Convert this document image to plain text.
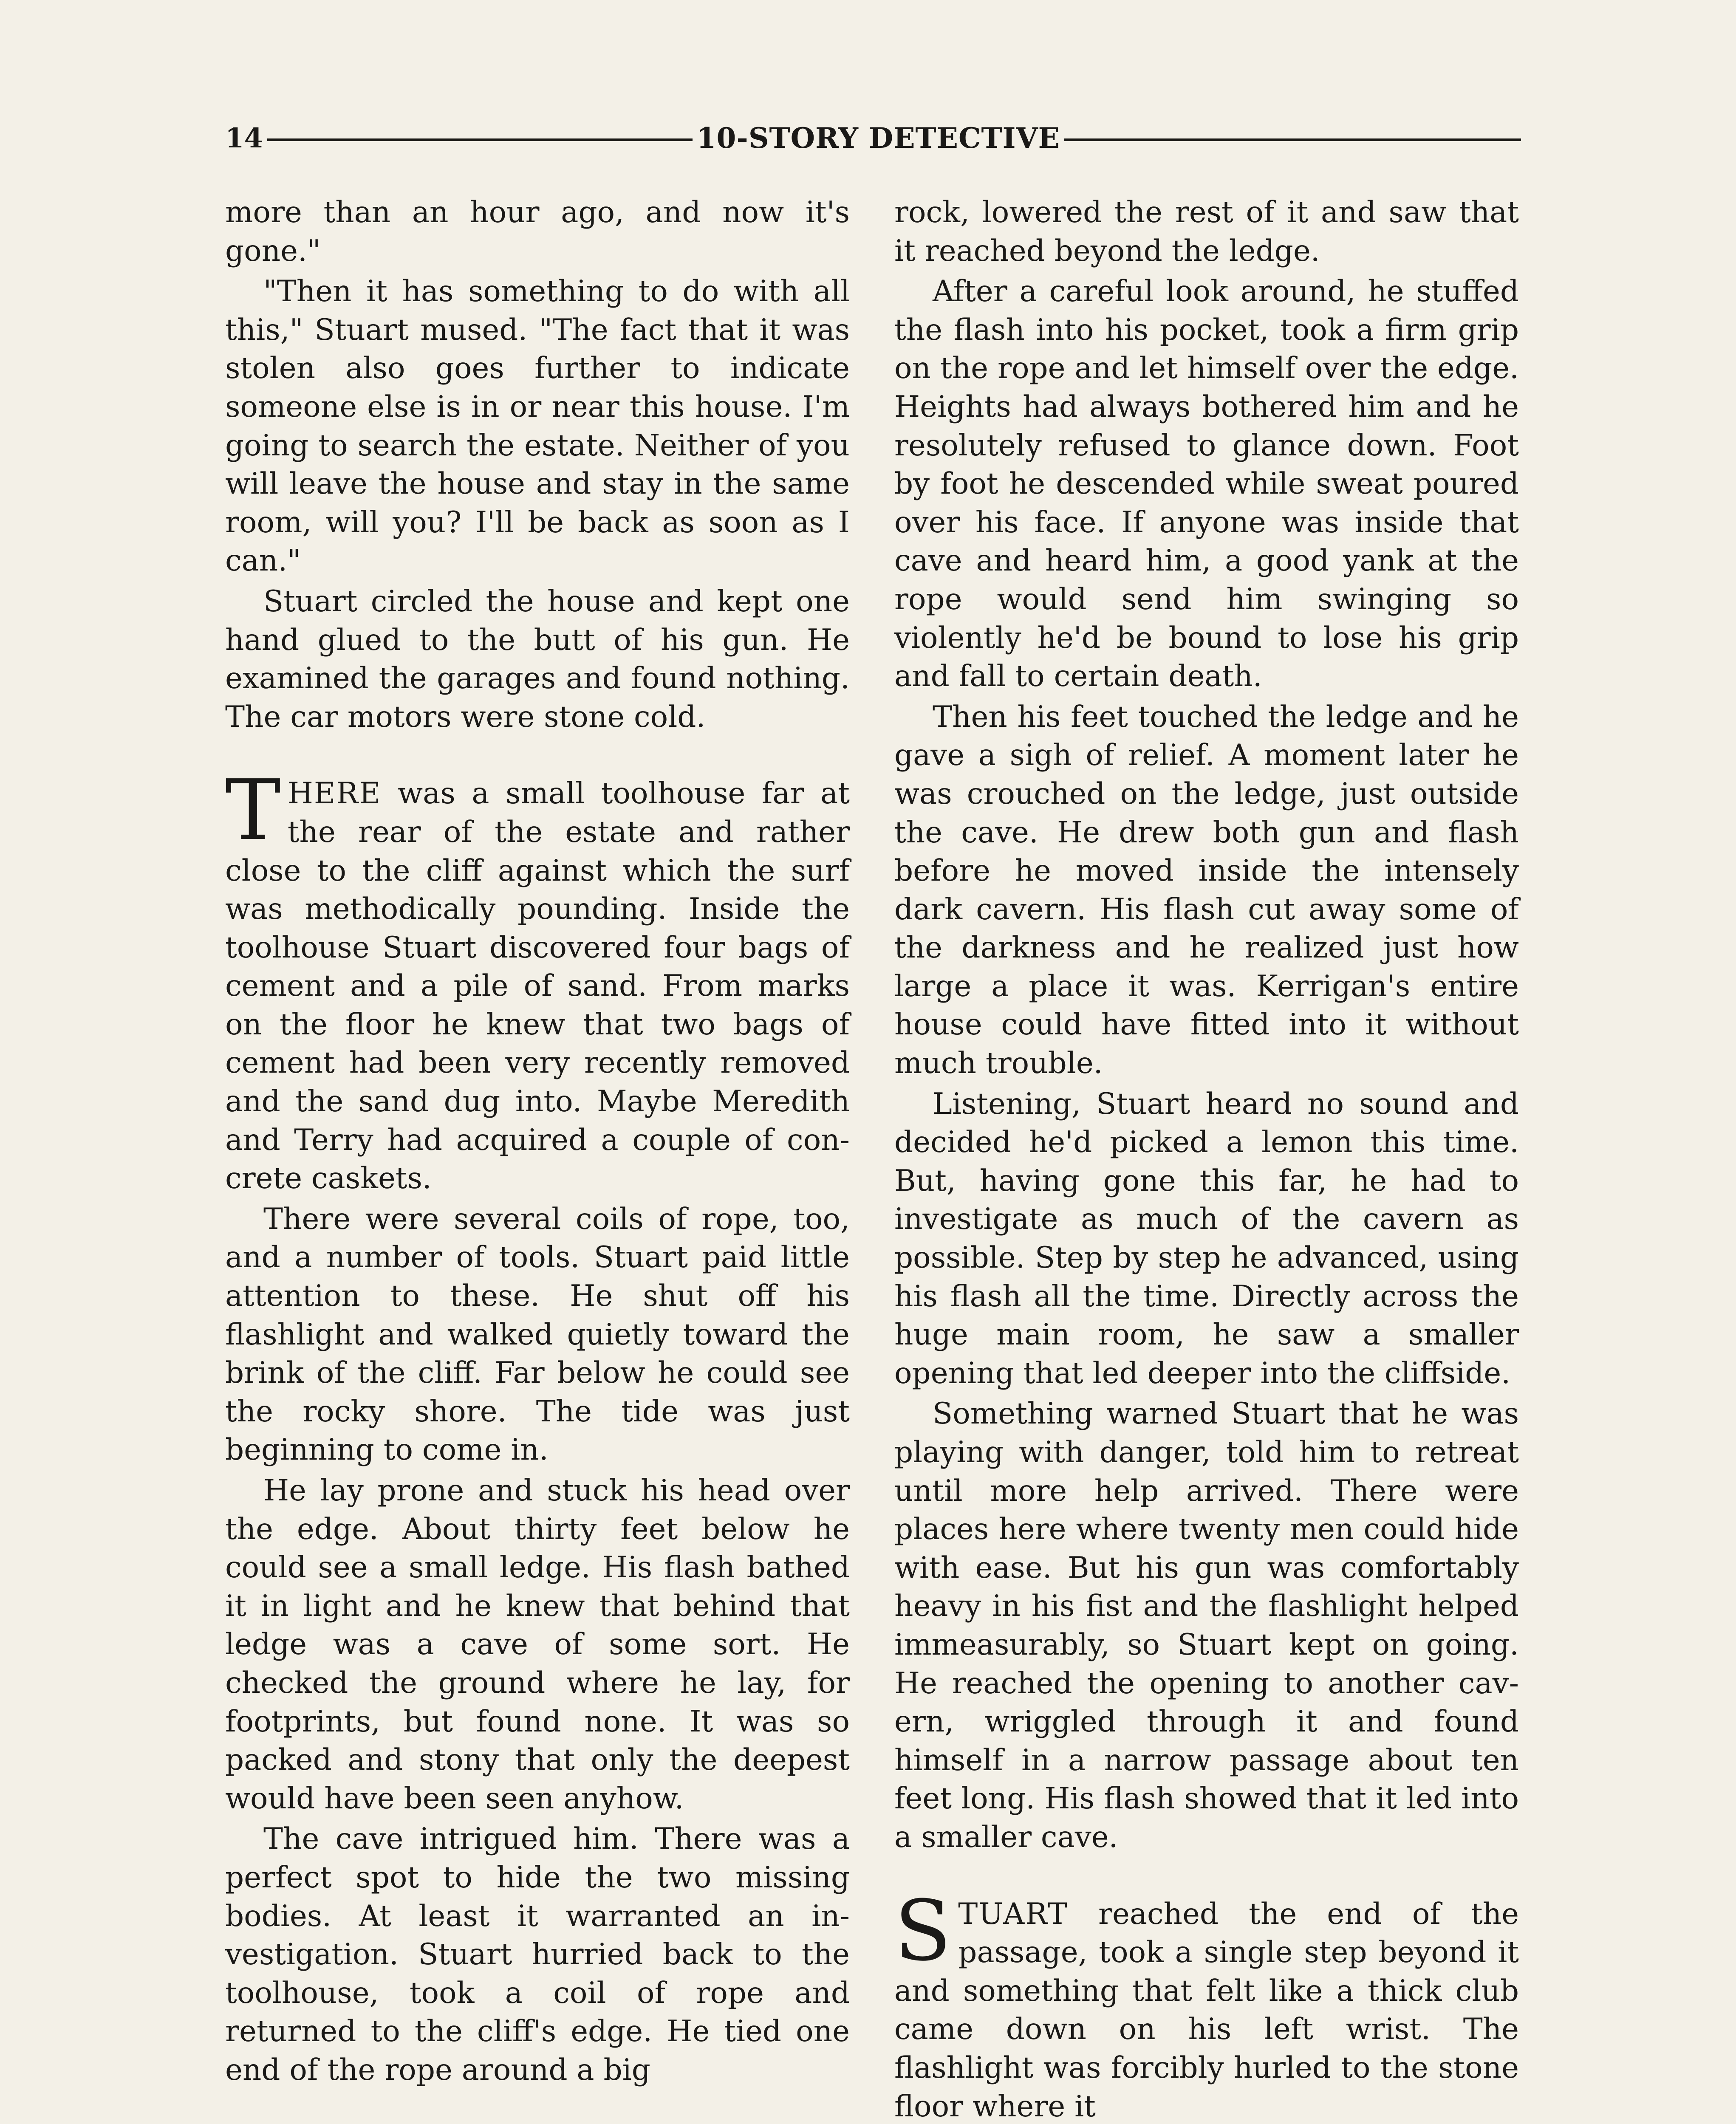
14	10-STORY DETECTIVE

more than an hour ago, and now it's gone."

"Then it has something to do with all this," Stuart mused. "The fact that it was stolen also goes further to indicate someone else is in or near this house. I'm going to search the estate. Neither of you will leave the house and stay in the same room, will you? I'll be back as soon as I can."

Stuart circled the house and kept one hand glued to the butt of his gun. He examined the garages and found nothing. The car motors were stone cold.

THERE was a small toolhouse far at the rear of the estate and rather close to the cliff against which the surf was methodically pounding. Inside the toolhouse Stuart discovered four bags of cement and a pile of sand. From marks on the floor he knew that two bags of cement had been very recently removed and the sand dug into. Maybe Meredith and Terry had acquired a couple of concrete caskets.

There were several coils of rope, too, and a number of tools. Stuart paid little attention to these. He shut off his flashlight and walked quietly toward the brink of the cliff. Far below he could see the rocky shore. The tide was just beginning to come in.

He lay prone and stuck his head over the edge. About thirty feet below he could see a small ledge. His flash bathed it in light and he knew that behind that ledge was a cave of some sort. He checked the ground where he lay, for footprints, but found none. It was so packed and stony that only the deepest would have been seen anyhow.

The cave intrigued him. There was a perfect spot to hide the two missing bodies. At least it warranted an investigation. Stuart hurried back to the toolhouse, took a coil of rope and returned to the cliff's edge. He tied one end of the rope around a big

rock, lowered the rest of it and saw that it reached beyond the ledge.

After a careful look around, he stuffed the flash into his pocket, took a firm grip on the rope and let himself over the edge. Heights had always bothered him and he resolutely refused to glance down. Foot by foot he descended while sweat poured over his face. If anyone was inside that cave and heard him, a good yank at the rope would send him swinging so violently he'd be bound to lose his grip and fall to certain death.

Then his feet touched the ledge and he gave a sigh of relief. A moment later he was crouched on the ledge, just outside the cave. He drew both gun and flash before he moved inside the intensely dark cavern. His flash cut away some of the darkness and he realized just how large a place it was. Kerrigan's entire house could have fitted into it without much trouble.

Listening, Stuart heard no sound and decided he'd picked a lemon this time. But, having gone this far, he had to investigate as much of the cavern as possible. Step by step he advanced, using his flash all the time. Directly across the huge main room, he saw a smaller opening that led deeper into the cliffside.

Something warned Stuart that he was playing with danger, told him to retreat until more help arrived. There were places here where twenty men could hide with ease. But his gun was comfortably heavy in his fist and the flashlight helped immeasurably, so Stuart kept on going. He reached the opening to another cavern, wriggled through it and found himself in a narrow passage about ten feet long. His flash showed that it led into a smaller cave.

STUART reached the end of the passage, took a single step beyond it and something that felt like a thick club came down on his left wrist. The flashlight was forcibly hurled to the stone floor where it
